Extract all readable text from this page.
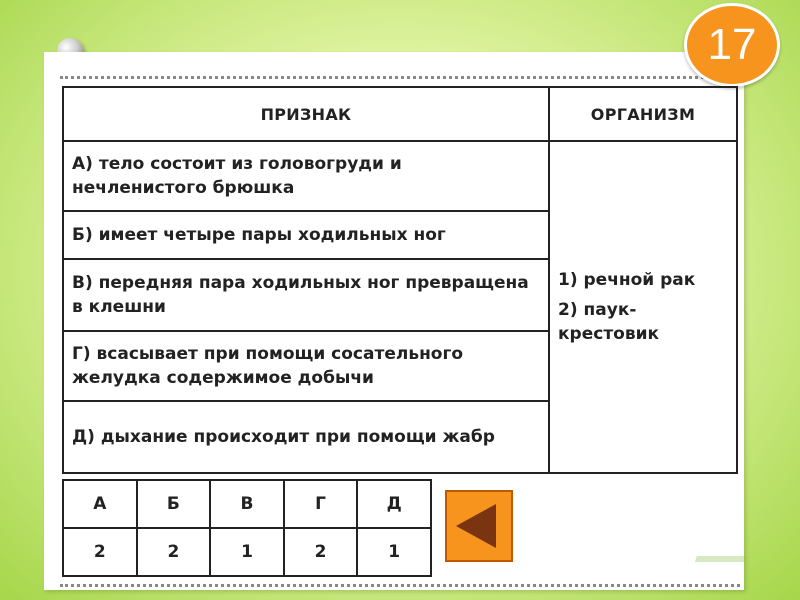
17
ПРИЗНАК	ОРГАНИЗМ
А) тело состоит из головогруди и нечленистого брюшка	1) речной рак
2) паук-крестовик

Б) имеет четыре пары ходильных ног	
В) передняя пара ходильных ног превращена в клешни	
Г) всасывает при помощи сосательного желудка содержимое добычи	
Д) дыхание происходит при помощи жабр	
А	Б	В	Г	Д
2	2	1	2	1
